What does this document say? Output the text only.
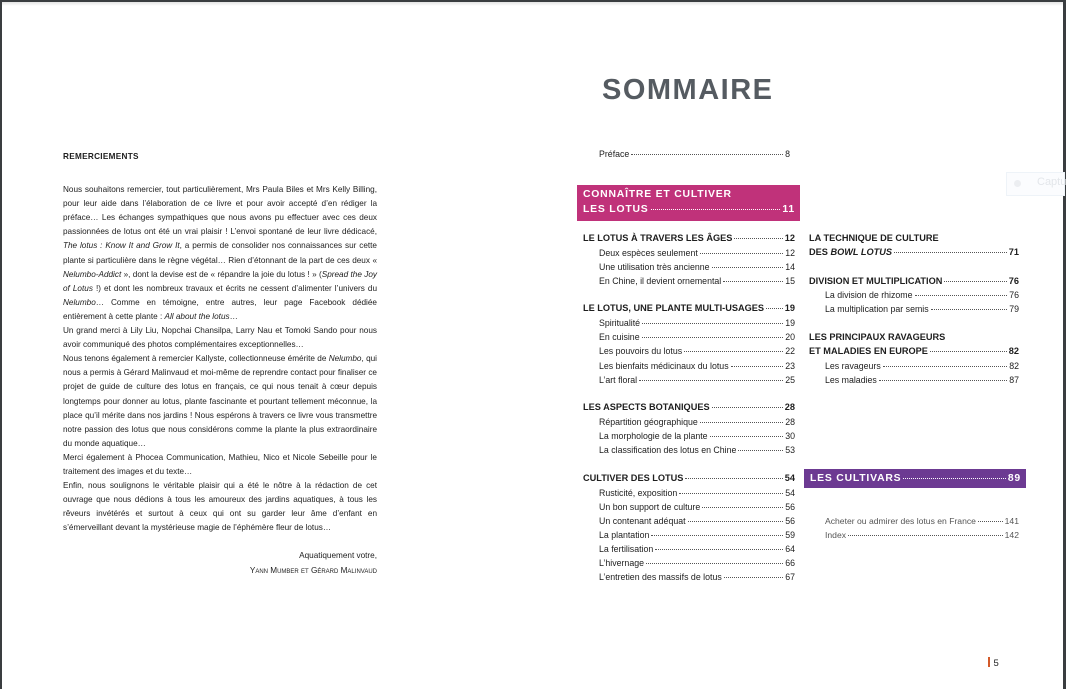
REMERCIEMENTS

Nous souhaitons remercier, tout particulièrement, Mrs Paula Biles et Mrs Kelly Billing, pour leur aide dans l’élaboration de ce livre et pour avoir accepté d’en rédiger la préface… Les échanges sympathiques que nous avons pu effectuer avec ces deux passionnées de lotus ont été un vrai plaisir ! L’envoi spontané de leur livre dédicacé, The lotus : Know It and Grow It, a permis de consolider nos connaissances sur cette plante si particulière dans le règne végétal… Rien d’étonnant de la part de ces deux « Nelumbo-Addict », dont la devise est de « répandre la joie du lotus ! » (Spread the Joy of Lotus !) et dont les nombreux travaux et écrits ne cessent d’alimenter l’univers du Nelumbo… Comme en témoigne, entre autres, leur page Facebook dédiée entièrement à cette plante : All about the lotus…

Un grand merci à Lily Liu, Nopchai Chansilpa, Larry Nau et Tomoki Sando pour nous avoir communiqué des photos complémentaires exceptionnelles…

Nous tenons également à remercier Kallyste, collectionneuse émérite de Nelumbo, qui nous a permis à Gérard Malinvaud et moi-même de reprendre contact pour finaliser ce projet de guide de culture des lotus en français, ce qui nous tenait à cœur depuis longtemps pour donner au lotus, plante fascinante et pourtant tellement méconnue, la place qu’il mérite dans nos jardins ! Nous espérons à travers ce livre vous transmettre notre passion des lotus que nous considérons comme la plante la plus extraordinaire du monde aquatique…

Merci également à Phocea Communication, Mathieu, Nico et Nicole Sebeille pour le traitement des images et du texte…

Enfin, nous soulignons le véritable plaisir qui a été le nôtre à la rédaction de cet ouvrage que nous dédions à tous les amoureux des jardins aquatiques, à tous les rêveurs invétérés et surtout à ceux qui ont su garder leur âme d’enfant en s’émerveillant devant la mystérieuse magie de l’éphémère fleur de lotus…

Aquatiquement votre,
Yann Mumber et Gérard Malinvaud
SOMMAIRE
Préface	8
CONNAÎTRE ET CULTIVER
LES LOTUS	11
LE LOTUS À TRAVERS LES ÂGES	12
Deux espèces seulement	12
Une utilisation très ancienne	14
En Chine, il devient ornemental	15
LE LOTUS, UNE PLANTE MULTI-USAGES 19
Spiritualité	19
En cuisine	20
Les pouvoirs du lotus	22
Les bienfaits médicinaux du lotus	23
L’art floral	25
LES ASPECTS BOTANIQUES	28
Répartition géographique	28
La morphologie de la plante	30
La classification des lotus en Chine	53
CULTIVER DES LOTUS	54
Rusticité, exposition	54
Un bon support de culture	56
Un contenant adéquat	56
La plantation	59
La fertilisation	64
L’hivernage	66
L’entretien des massifs de lotus	67
LA TECHNIQUE DE CULTURE
DES BOWL LOTUS	71
DIVISION ET MULTIPLICATION	76
La division de rhizome	76
La multiplication par semis	79
LES PRINCIPAUX RAVAGEURS
ET MALADIES EN EUROPE	82
Les ravageurs	82
Les maladies	87
LES CULTIVARS	89
Acheter ou admirer des lotus en France	141
Index	142
5
Captu
